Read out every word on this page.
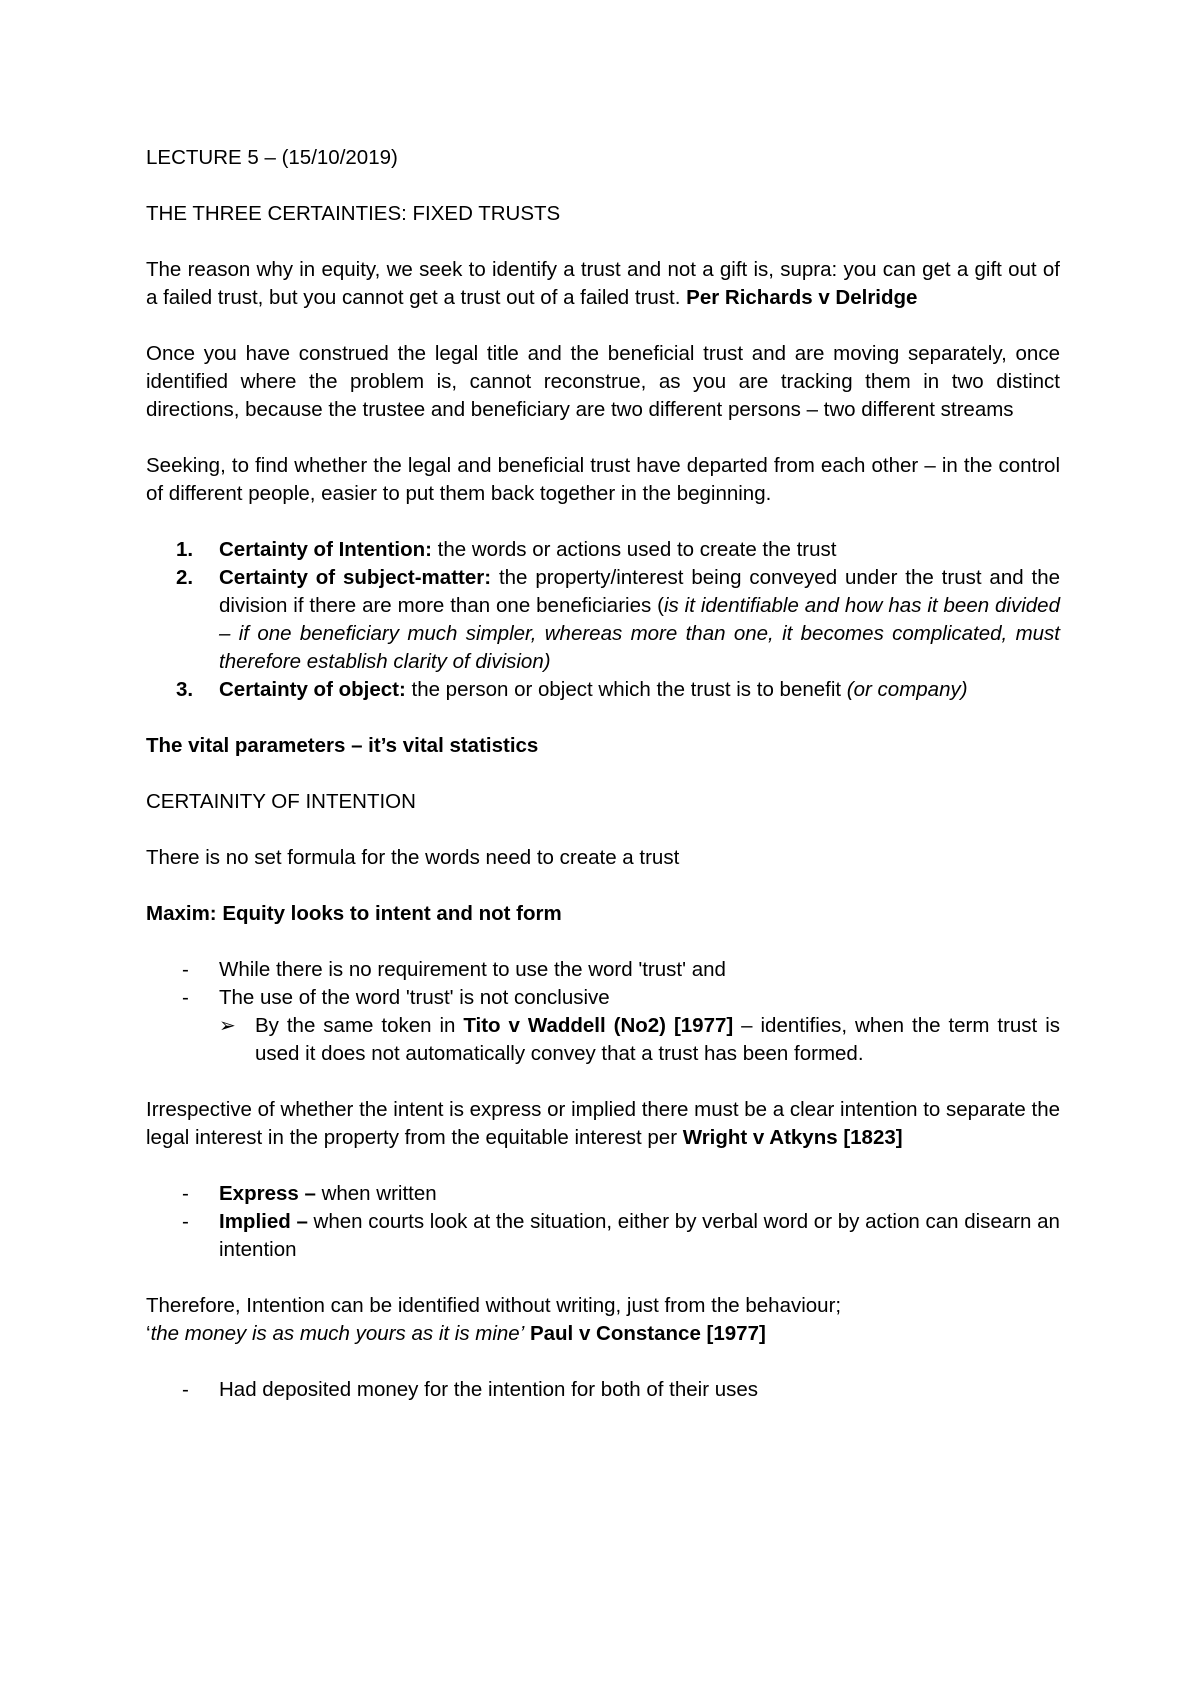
LECTURE 5 – (15/10/2019)

THE THREE CERTAINTIES: FIXED TRUSTS

The reason why in equity, we seek to identify a trust and not a gift is, supra: you can get a gift out of a failed trust, but you cannot get a trust out of a failed trust. Per Richards v Delridge

Once you have construed the legal title and the beneficial trust and are moving separately, once identified where the problem is, cannot reconstrue, as you are tracking them in two distinct directions, because the trustee and beneficiary are two different persons – two different streams

Seeking, to find whether the legal and beneficial trust have departed from each other – in the control of different people, easier to put them back together in the beginning.

1. Certainty of Intention: the words or actions used to create the trust
2. Certainty of subject-matter: the property/interest being conveyed under the trust and the division if there are more than one beneficiaries (is it identifiable and how has it been divided – if one beneficiary much simpler, whereas more than one, it becomes complicated, must therefore establish clarity of division)
3. Certainty of object: the person or object which the trust is to benefit (or company)

The vital parameters – it’s vital statistics

CERTAINITY OF INTENTION

There is no set formula for the words need to create a trust

Maxim: Equity looks to intent and not form

- While there is no requirement to use the word 'trust' and
- The use of the word 'trust' is not conclusive
➢ By the same token in Tito v Waddell (No2) [1977] – identifies, when the term trust is used it does not automatically convey that a trust has been formed.

Irrespective of whether the intent is express or implied there must be a clear intention to separate the legal interest in the property from the equitable interest per Wright v Atkyns [1823]

- Express – when written
- Implied – when courts look at the situation, either by verbal word or by action can disearn an intention

Therefore, Intention can be identified without writing, just from the behaviour;
‘the money is as much yours as it is mine’ Paul v Constance [1977]

- Had deposited money for the intention for both of their uses
